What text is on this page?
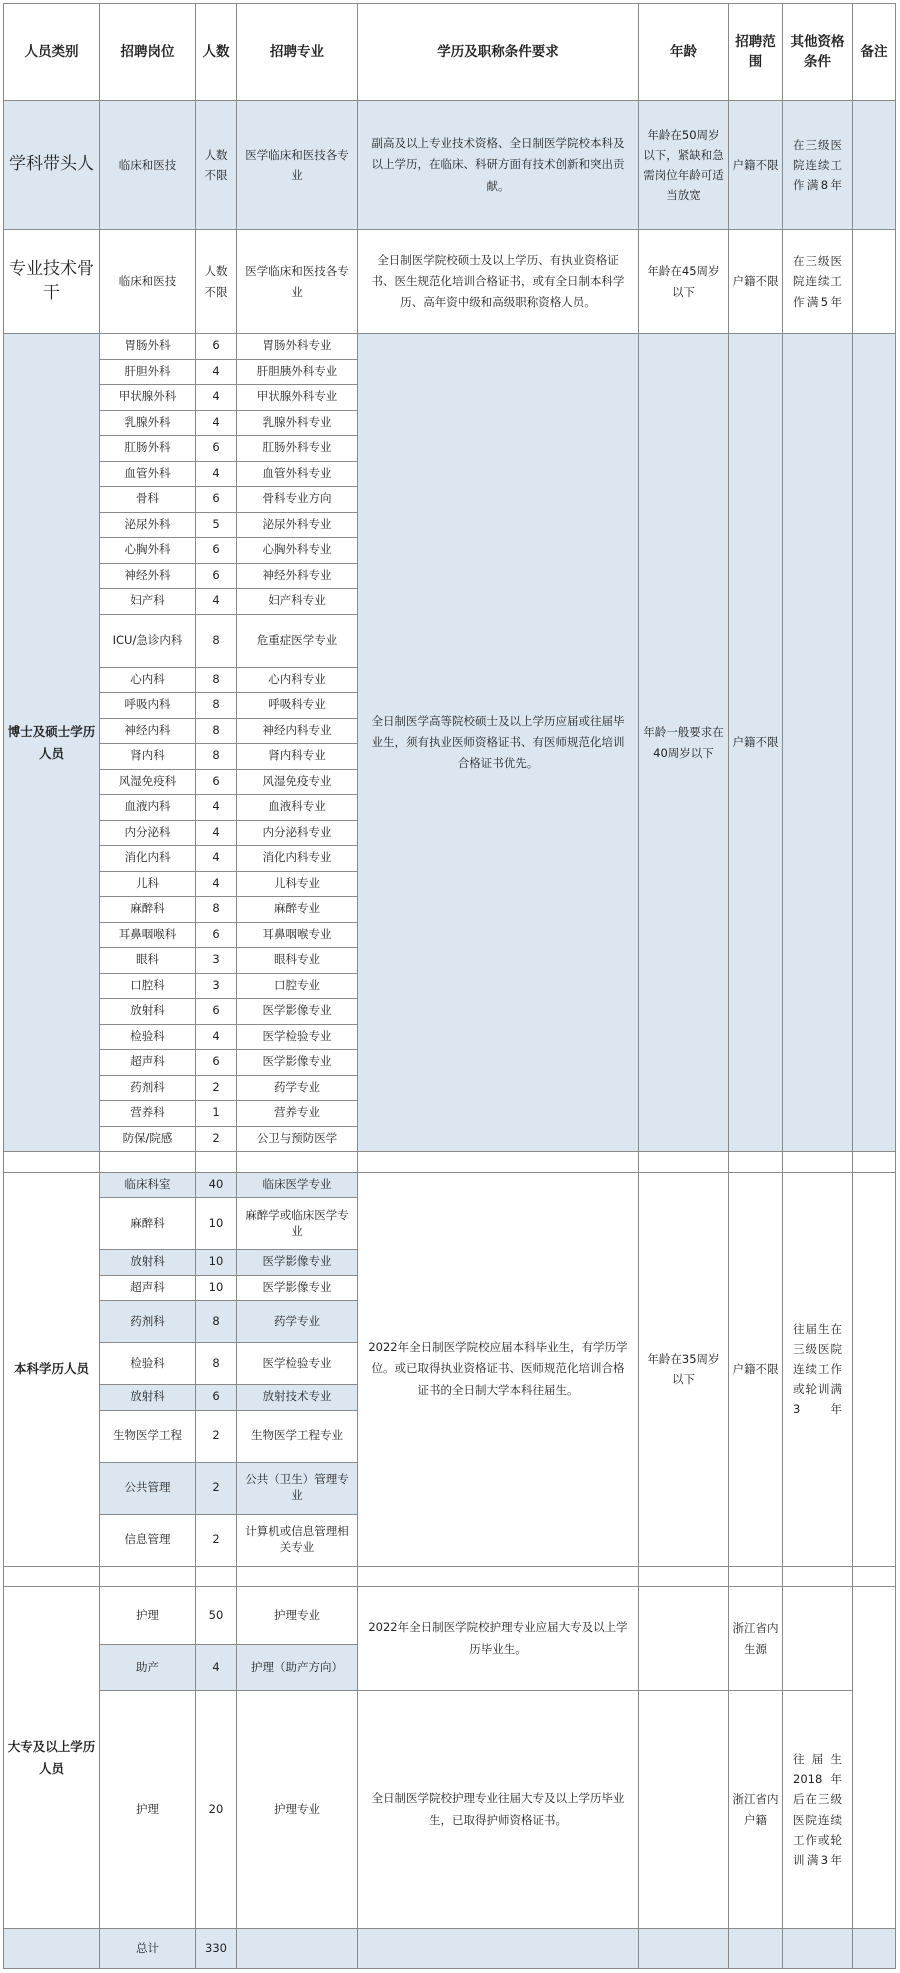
人员类别	招聘岗位	人数	招聘专业	学历及职称条件要求	年龄	招聘范围	其他资格条件	备注
学科带头人	临床和医技	人数不限	医学临床和医技各专业	副高及以上专业技术资格、全日制医学院校本科及以上学历，在临床、科研方面有技术创新和突出贡献。	年龄在50周岁以下，紧缺和急需岗位年龄可适当放宽	户籍不限	在三级医院连续工作满8年	
专业技术骨干	临床和医技	人数不限	医学临床和医技各专业	全日制医学院校硕士及以上学历、有执业资格证书、医生规范化培训合格证书，或有全日制本科学历、高年资中级和高级职称资格人员。	年龄在45周岁以下	户籍不限	在三级医院连续工作满5年	
博士及硕士学历人员	胃肠外科	6	胃肠外科专业	全日制医学高等院校硕士及以上学历应届或往届毕业生，须有执业医师资格证书、有医师规范化培训合格证书优先。	年龄一般要求在40周岁以下	户籍不限		
	肝胆外科	4	肝胆胰外科专业					
	甲状腺外科	4	甲状腺外科专业					
	乳腺外科	4	乳腺外科专业					
	肛肠外科	6	肛肠外科专业					
	血管外科	4	血管外科专业					
	骨科	6	骨科专业方向					
	泌尿外科	5	泌尿外科专业					
	心胸外科	6	心胸外科专业					
	神经外科	6	神经外科专业					
	妇产科	4	妇产科专业					
	ICU/急诊内科	8	危重症医学专业					
	心内科	8	心内科专业					
	呼吸内科	8	呼吸科专业					
	神经内科	8	神经内科专业					
	肾内科	8	肾内科专业					
	风湿免疫科	6	风湿免疫专业					
	血液内科	4	血液科专业					
	内分泌科	4	内分泌科专业					
	消化内科	4	消化内科专业					
	儿科	4	儿科专业					
	麻醉科	8	麻醉专业					
	耳鼻咽喉科	6	耳鼻咽喉专业					
	眼科	3	眼科专业					
	口腔科	3	口腔专业					
	放射科	6	医学影像专业					
	检验科	4	医学检验专业					
	超声科	6	医学影像专业					
	药剂科	2	药学专业					
	营养科	1	营养专业					
	防保/院感	2	公卫与预防医学					

本科学历人员	临床科室	40	临床医学专业	2022年全日制医学院校应届本科毕业生，有学历学位。或已取得执业资格证书、医师规范化培训合格证书的全日制大学本科往届生。	年龄在35周岁以下	户籍不限	往届生在三级医院连续工作或轮训满3年	
	麻醉科	10	麻醉学或临床医学专业					
	放射科	10	医学影像专业					
	超声科	10	医学影像专业					
	药剂科	8	药学专业					
	检验科	8	医学检验专业					
	放射科	6	放射技术专业					
	生物医学工程	2	生物医学工程专业					
	公共管理	2	公共（卫生）管理专业					
	信息管理	2	计算机或信息管理相关专业					

大专及以上学历人员	护理	50	护理专业	2022年全日制医学院校护理专业应届大专及以上学历毕业生。		浙江省内生源		
	助产	4	护理（助产方向）					
	护理	20	护理专业	全日制医学院校护理专业往届大专及以上学历毕业生，已取得护师资格证书。		浙江省内户籍	往届生2018年后在三级医院连续工作或轮训满3年	
	总计	330						
